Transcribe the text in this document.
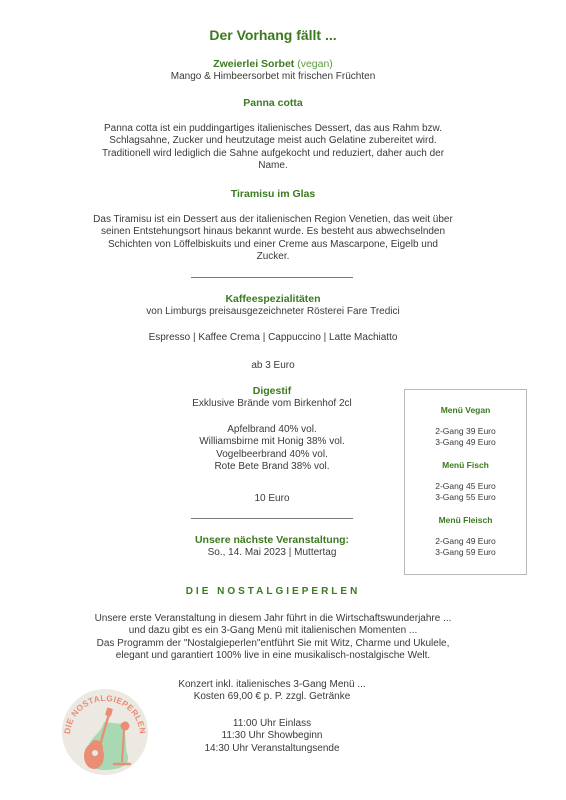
Der Vorhang fällt ...
Zweierlei Sorbet (vegan)
Mango & Himbeersorbet mit frischen Früchten
Panna cotta
Panna cotta ist ein puddingartiges italienisches Dessert, das aus Rahm bzw.
Schlagsahne, Zucker und heutzutage meist auch Gelatine zubereitet wird.
Traditionell wird lediglich die Sahne aufgekocht und reduziert, daher auch der
Name.
Tiramisu im Glas
Das Tiramisu ist ein Dessert aus der italienischen Region Venetien, das weit über
seinen Entstehungsort hinaus bekannt wurde. Es besteht aus abwechselnden
Schichten von Löffelbiskuits und einer Creme aus Mascarpone, Eigelb und
Zucker.
Kaffeespezialitäten
von Limburgs preisausgezeichneter Rösterei Fare Tredici
Espresso | Kaffee Crema | Cappuccino | Latte Machiatto
ab 3 Euro
Digestif
Exklusive Brände vom Birkenhof 2cl
Apfelbrand 40% vol.
Williamsbirne mit Honig 38% vol.
Vogelbeerbrand 40% vol.
Rote Bete Brand 38% vol.
10 Euro
Unsere nächste Veranstaltung:
So., 14. Mai 2023 | Muttertag
Menü Vegan
2-Gang 39 Euro
3-Gang 49 Euro
Menü Fisch
2-Gang 45 Euro
3-Gang 55 Euro
Menü Fleisch
2-Gang 49 Euro
3-Gang 59 Euro
DIE NOSTALGIEPERLEN
Unsere erste Veranstaltung in diesem Jahr führt in die Wirtschaftswunderjahre ...
und dazu gibt es ein 3-Gang Menü mit italienischen Momenten ...
Das Programm der "Nostalgieperlen"entführt Sie mit Witz, Charme und Ukulele,
elegant und garantiert 100% live in eine musikalisch-nostalgische Welt.
Konzert inkl. italienisches 3-Gang Menü ...
Kosten 69,00 € p. P. zzgl. Getränke
11:00 Uhr Einlass
11:30 Uhr Showbeginn
14:30 Uhr Veranstaltungsende
DIE NOSTALGIEPERLEN
